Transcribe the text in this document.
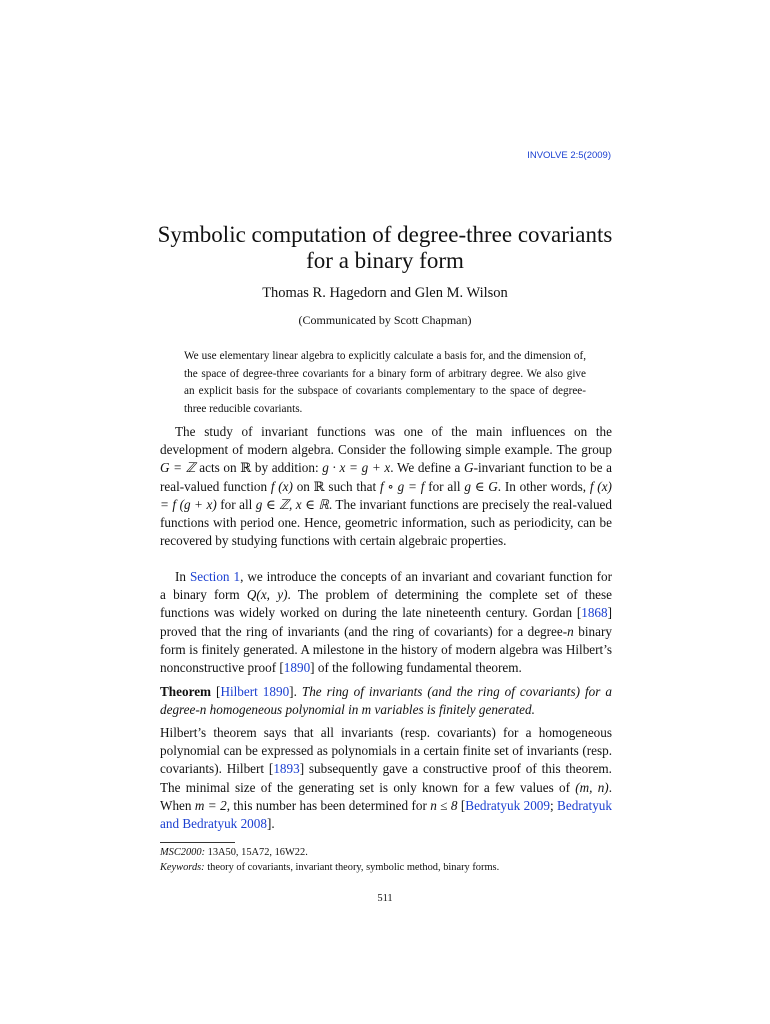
INVOLVE 2:5(2009)
Symbolic computation of degree-three covariants
for a binary form
Thomas R. Hagedorn and Glen M. Wilson
(Communicated by Scott Chapman)
We use elementary linear algebra to explicitly calculate a basis for, and the dimension of, the space of degree-three covariants for a binary form of arbitrary degree. We also give an explicit basis for the subspace of covariants complementary to the space of degree-three reducible covariants.
The study of invariant functions was one of the main influences on the development of modern algebra. Consider the following simple example. The group G = ℤ acts on ℝ by addition: g · x = g + x. We define a G-invariant function to be a real-valued function f (x) on ℝ such that f ∘ g = f for all g ∈ G. In other words, f (x) = f (g + x) for all g ∈ ℤ, x ∈ ℝ. The invariant functions are precisely the real-valued functions with period one. Hence, geometric information, such as periodicity, can be recovered by studying functions with certain algebraic properties.
In Section 1, we introduce the concepts of an invariant and covariant function for a binary form Q(x, y). The problem of determining the complete set of these functions was widely worked on during the late nineteenth century. Gordan [1868] proved that the ring of invariants (and the ring of covariants) for a degree-n binary form is finitely generated. A milestone in the history of modern algebra was Hilbert’s nonconstructive proof [1890] of the following fundamental theorem.
Theorem [Hilbert 1890]. The ring of invariants (and the ring of covariants) for a degree-n homogeneous polynomial in m variables is finitely generated.
Hilbert’s theorem says that all invariants (resp. covariants) for a homogeneous polynomial can be expressed as polynomials in a certain finite set of invariants (resp. covariants). Hilbert [1893] subsequently gave a constructive proof of this theorem. The minimal size of the generating set is only known for a few values of (m, n). When m = 2, this number has been determined for n ≤ 8 [Bedratyuk 2009; Bedratyuk and Bedratyuk 2008].
MSC2000: 13A50, 15A72, 16W22.
Keywords: theory of covariants, invariant theory, symbolic method, binary forms.
511
